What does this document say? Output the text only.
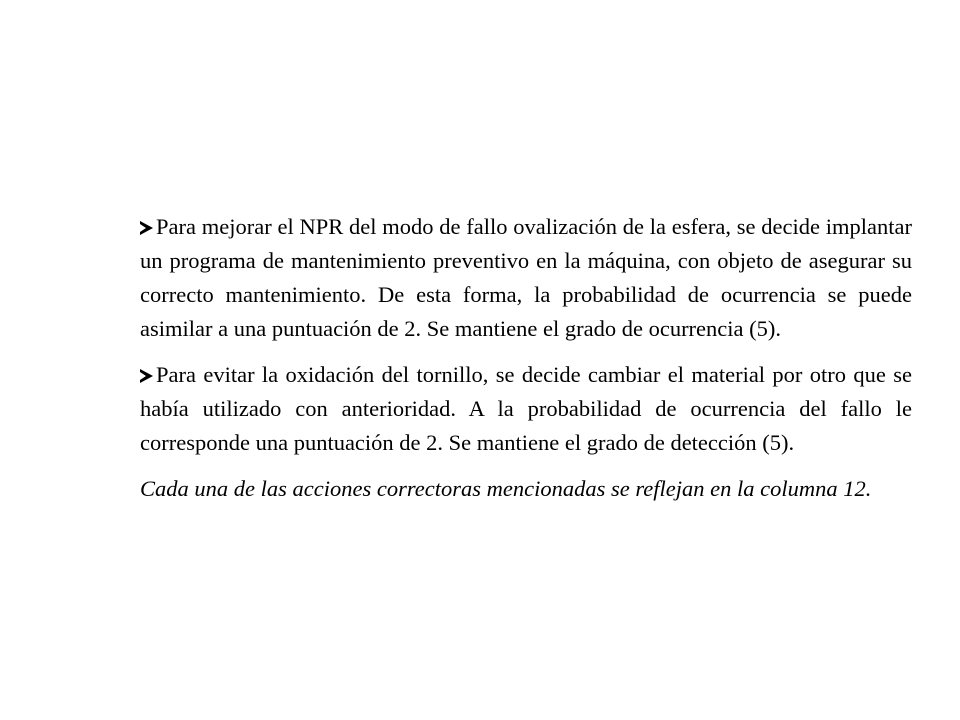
Para mejorar el NPR del modo de fallo ovalización de la esfera, se decide implantar un programa de mantenimiento preventivo en la máquina, con objeto de asegurar su correcto mantenimiento. De esta forma, la probabilidad de ocurrencia se puede asimilar a una puntuación de 2. Se mantiene el grado de ocurrencia (5).

Para evitar la oxidación del tornillo, se decide cambiar el material por otro que se había utilizado con anterioridad. A la probabilidad de ocurrencia del fallo le corresponde una puntuación de 2. Se mantiene el grado de detección (5).

Cada una de las acciones correctoras mencionadas se reflejan en la columna 12.
